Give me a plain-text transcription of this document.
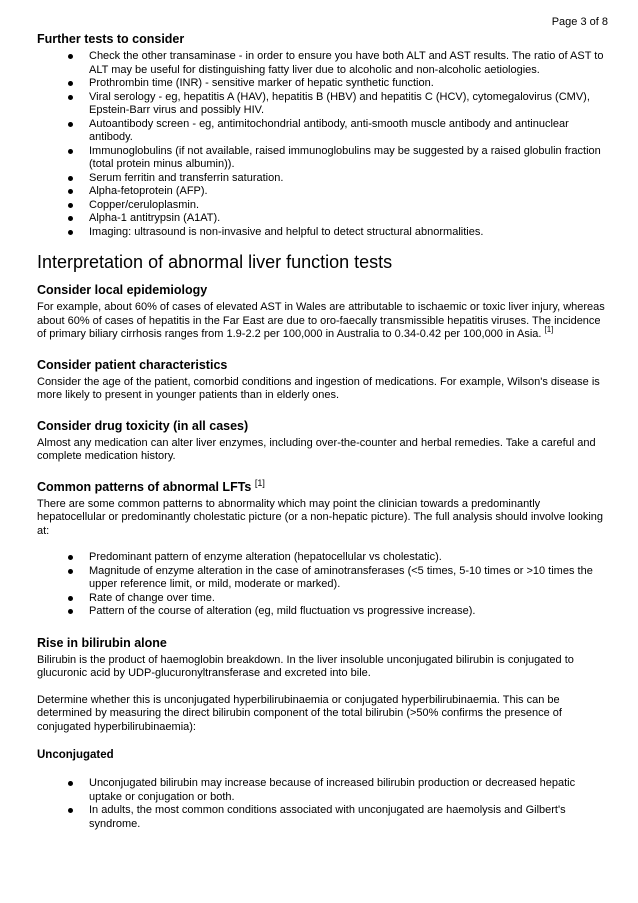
Page 3 of 8
Further tests to consider
Check the other transaminase - in order to ensure you have both ALT and AST results. The ratio of AST to ALT may be useful for distinguishing fatty liver due to alcoholic and non-alcoholic aetiologies.
Prothrombin time (INR) - sensitive marker of hepatic synthetic function.
Viral serology - eg, hepatitis A (HAV), hepatitis B (HBV) and hepatitis C (HCV), cytomegalovirus (CMV), Epstein-Barr virus and possibly HIV.
Autoantibody screen - eg, antimitochondrial antibody, anti-smooth muscle antibody and antinuclear antibody.
Immunoglobulins (if not available, raised immunoglobulins may be suggested by a raised globulin fraction (total protein minus albumin)).
Serum ferritin and transferrin saturation.
Alpha-fetoprotein (AFP).
Copper/ceruloplasmin.
Alpha-1 antitrypsin (A1AT).
Imaging: ultrasound is non-invasive and helpful to detect structural abnormalities.
Interpretation of abnormal liver function tests
Consider local epidemiology

For example, about 60% of cases of elevated AST in Wales are attributable to ischaemic or toxic liver injury, whereas about 60% of cases of hepatitis in the Far East are due to oro-faecally transmissible hepatitis viruses. The incidence of primary biliary cirrhosis ranges from 1.9-2.2 per 100,000 in Australia to 0.34-0.42 per 100,000 in Asia. [1]

Consider patient characteristics

Consider the age of the patient, comorbid conditions and ingestion of medications. For example, Wilson's disease is more likely to present in younger patients than in elderly ones.

Consider drug toxicity (in all cases)

Almost any medication can alter liver enzymes, including over-the-counter and herbal remedies. Take a careful and complete medication history.

Common patterns of abnormal LFTs [1]

There are some common patterns to abnormality which may point the clinician towards a predominantly hepatocellular or predominantly cholestatic picture (or a non-hepatic picture). The full analysis should involve looking at:

Predominant pattern of enzyme alteration (hepatocellular vs cholestatic).
Magnitude of enzyme alteration in the case of aminotransferases (<5 times, 5-10 times or >10 times the upper reference limit, or mild, moderate or marked).
Rate of change over time.
Pattern of the course of alteration (eg, mild fluctuation vs progressive increase).
Rise in bilirubin alone

Bilirubin is the product of haemoglobin breakdown. In the liver insoluble unconjugated bilirubin is conjugated to glucuronic acid by UDP-glucuronyltransferase and excreted into bile.

Determine whether this is unconjugated hyperbilirubinaemia or conjugated hyperbilirubinaemia. This can be determined by measuring the direct bilirubin component of the total bilirubin (>50% confirms the presence of conjugated hyperbilirubinaemia):

Unconjugated
Unconjugated bilirubin may increase because of increased bilirubin production or decreased hepatic uptake or conjugation or both.
In adults, the most common conditions associated with unconjugated are haemolysis and Gilbert's syndrome.
